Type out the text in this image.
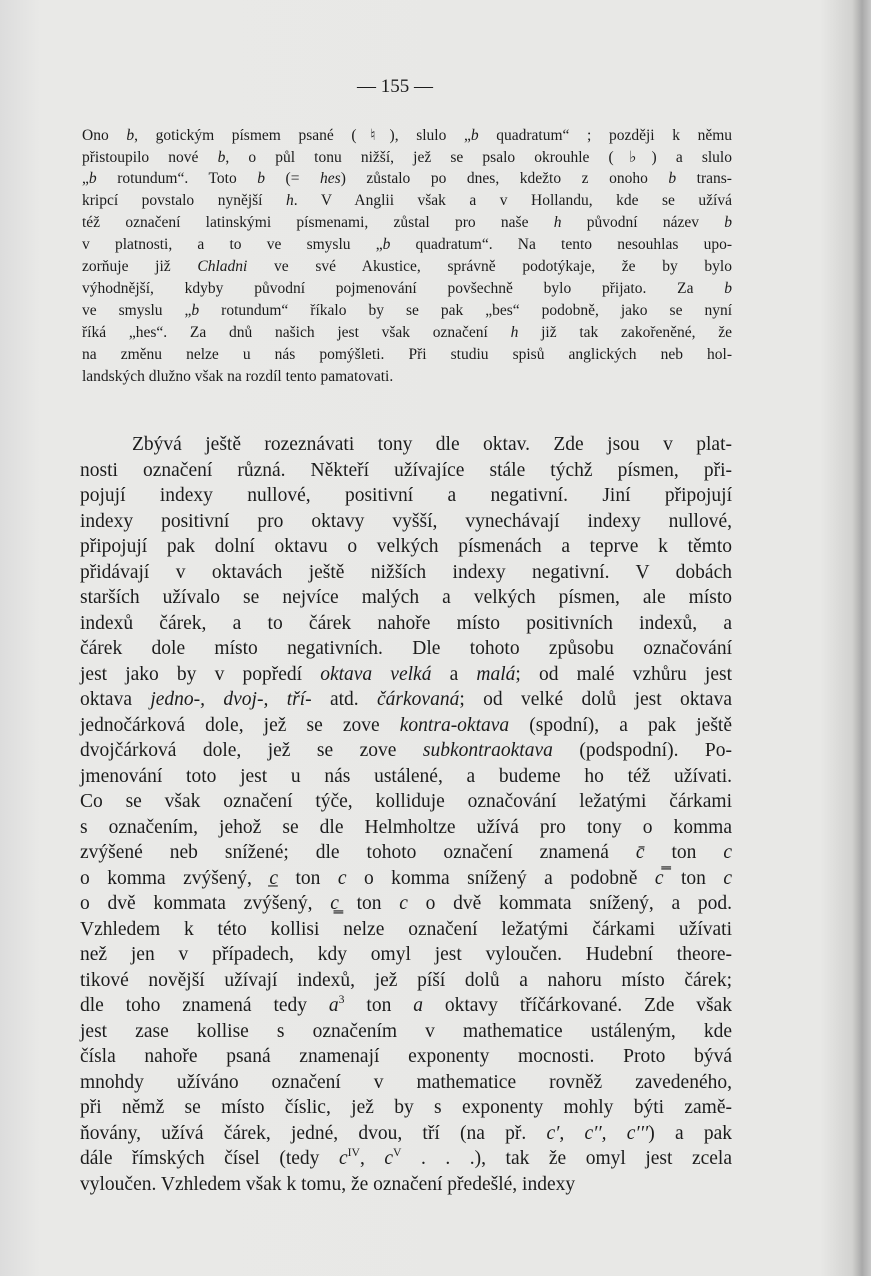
— 155 —
Ono b, gotickým písmem psané (♮), slulo „b quadratum“ ; později k němu
přistoupilo nové b, o půl tonu nižší, jež se psalo okrouhle (♭) a slulo
„b rotundum“. Toto b (= hes) zůstalo po dnes, kdežto z onoho b trans-
kripcí povstalo nynější h. V Anglii však a v Hollandu, kde se užívá
též označení latinskými písmenami, zůstal pro naše h původní název b
v platnosti, a to ve smyslu „b quadratum“. Na tento nesouhlas upo-
zorňuje již Chladni ve své Akustice, správně podotýkaje, že by bylo
výhodnější, kdyby původní pojmenování povšechně bylo přijato. Za b
ve smyslu „b rotundum“ říkalo by se pak „bes“ podobně, jako se nyní
říká „hes“. Za dnů našich jest však označení h již tak zakořeněné, že
na změnu nelze u nás pomýšleti. Při studiu spisů anglických neb hol-
landských dlužno však na rozdíl tento pamatovati.
Zbývá ještě rozeznávati tony dle oktav. Zde jsou v plat-
nosti označení různá. Někteří užívajíce stále týchž písmen, při-
pojují indexy nullové, positivní a negativní. Jiní připojují
indexy positivní pro oktavy vyšší, vynechávají indexy nullové,
připojují pak dolní oktavu o velkých písmenách a teprve k těmto
přidávají v oktavách ještě nižších indexy negativní. V dobách
starších užívalo se nejvíce malých a velkých písmen, ale místo
indexů čárek, a to čárek nahoře místo positivních indexů, a
čárek dole místo negativních. Dle tohoto způsobu označování
jest jako by v popředí oktava velká a malá; od malé vzhůru jest
oktava jedno-, dvoj-, tří- atd. čárkovaná; od velké dolů jest oktava
jednočárková dole, jež se zove kontra-oktava (spodní), a pak ještě
dvojčárková dole, jež se zove subkontraoktava (podspodní). Po-
jmenování toto jest u nás ustálené, a budeme ho též užívati.
Co se však označení týče, kolliduje označování ležatými čárkami
s označením, jehož se dle Helmholtze užívá pro tony o komma
zvýšené neb snížené; dle tohoto označení znamená c̄ ton c
o komma zvýšený, c̲ ton c o komma snížený a podobně c̿ ton c
o dvě kommata zvýšený, c̳ ton c o dvě kommata snížený, a pod.
Vzhledem k této kollisi nelze označení ležatými čárkami užívati
než jen v případech, kdy omyl jest vyloučen. Hudební theore-
tikové novější užívají indexů, jež píší dolů a nahoru místo čárek;
dle toho znamená tedy $a^3$ ton a oktavy tříčárkované. Zde však
jest zase kollise s označením v mathematice ustáleným, kde
čísla nahoře psaná znamenají exponenty mocnosti. Proto bývá
mnohdy užíváno označení v mathematice rovněž zavedeného,
při němž se místo číslic, jež by s exponenty mohly býti zamě-
ňovány, užívá čárek, jedné, dvou, tří (na př. c′, c′′, c′′′) a pak
dále římských čísel (tedy $c^{IV}$, $c^V$ . . .), tak že omyl jest zcela
vyloučen. Vzhledem však k tomu, že označení předešlé, indexy
